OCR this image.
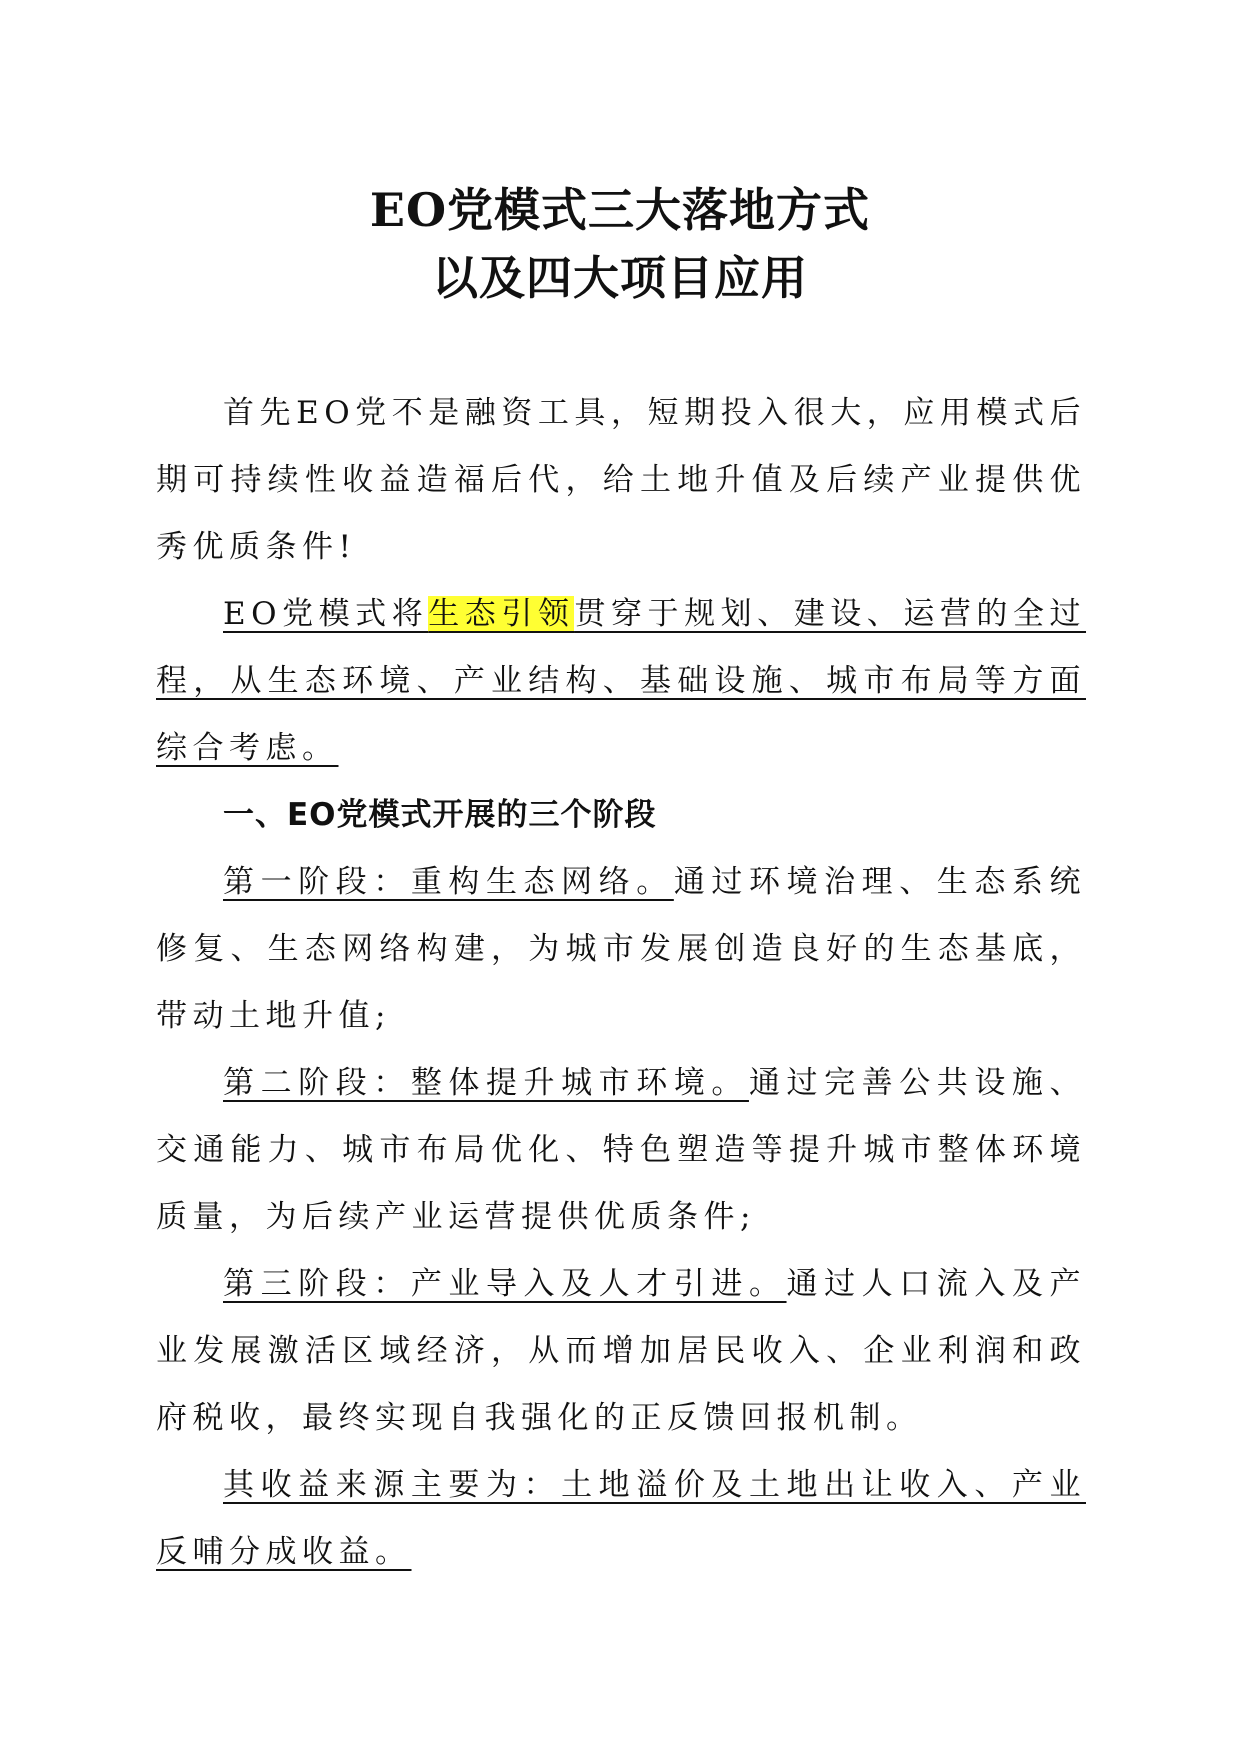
EO党模式三大落地方式
以及四大项目应用

首先EO党不是融资工具，短期投入很大，应用模式后期可持续性收益造福后代，给土地升值及后续产业提供优秀优质条件!

EO党模式将生态引领贯穿于规划、建设、运营的全过程，从生态环境、产业结构、基础设施、城市布局等方面综合考虑。

一、EO党模式开展的三个阶段

第一阶段：重构生态网络。通过环境治理、生态系统修复、生态网络构建，为城市发展创造良好的生态基底，带动土地升值;

第二阶段：整体提升城市环境。通过完善公共设施、交通能力、城市布局优化、特色塑造等提升城市整体环境质量，为后续产业运营提供优质条件;

第三阶段：产业导入及人才引进。通过人口流入及产业发展激活区域经济，从而增加居民收入、企业利润和政府税收，最终实现自我强化的正反馈回报机制。

其收益来源主要为：土地溢价及土地出让收入、产业反哺分成收益。
